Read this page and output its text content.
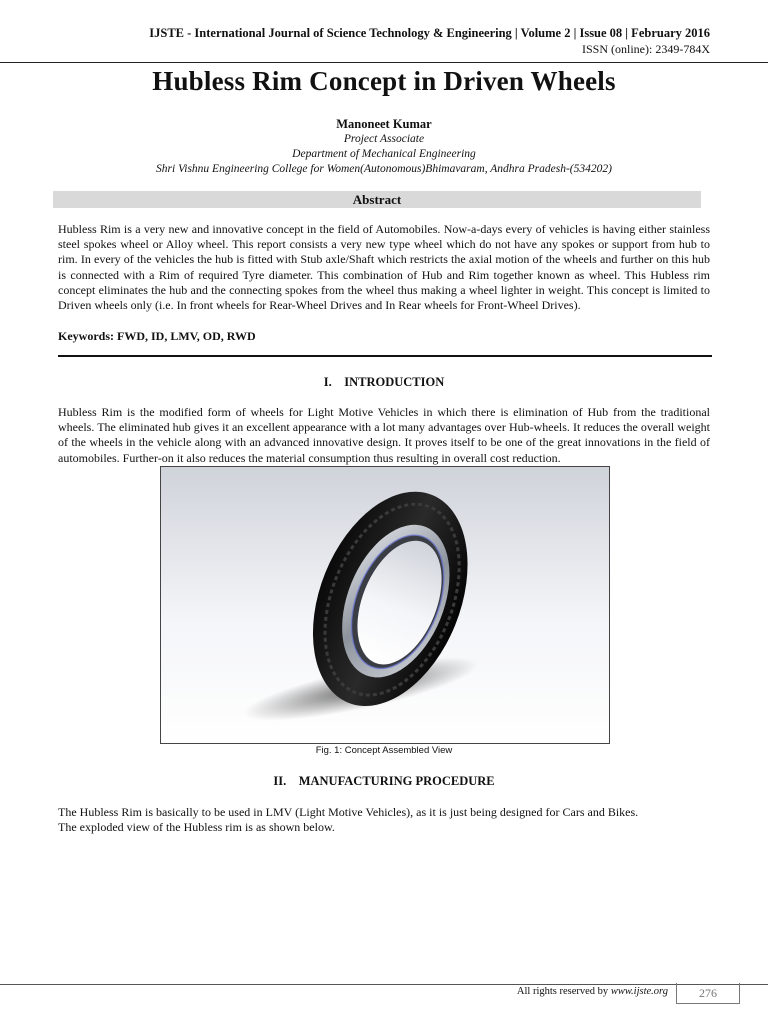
IJSTE - International Journal of Science Technology & Engineering | Volume 2 | Issue 08 | February 2016
ISSN (online): 2349-784X
Hubless Rim Concept in Driven Wheels
Manoneet Kumar
Project Associate
Department of Mechanical Engineering
Shri Vishnu Engineering College for Women(Autonomous)Bhimavaram, Andhra Pradesh-(534202)
Abstract
Hubless Rim is a very new and innovative concept in the field of Automobiles. Now-a-days every of vehicles is having either stainless steel spokes wheel or Alloy wheel. This report consists a very new type wheel which do not have any spokes or support from hub to rim. In every of the vehicles the hub is fitted with Stub axle/Shaft which restricts the axial motion of the wheels and further on this hub is connected with a Rim of required Tyre diameter. This combination of Hub and Rim together known as wheel. This Hubless rim concept eliminates the hub and the connecting spokes from the wheel thus making a wheel lighter in weight. This concept is limited to Driven wheels only (i.e. In front wheels for Rear-Wheel Drives and In Rear wheels for Front-Wheel Drives).
Keywords: FWD, ID, LMV, OD, RWD
I. INTRODUCTION
Hubless Rim is the modified form of wheels for Light Motive Vehicles in which there is elimination of Hub from the traditional wheels. The eliminated hub gives it an excellent appearance with a lot many advantages over Hub-wheels. It reduces the overall weight of the wheels in the vehicle along with an advanced innovative design. It proves itself to be one of the great innovations in the field of automobiles. Further-on it also reduces the material consumption thus resulting in overall cost reduction.
Fig. 1: Concept Assembled View
II. MANUFACTURING PROCEDURE
The Hubless Rim is basically to be used in LMV (Light Motive Vehicles), as it is just being designed for Cars and Bikes.
The exploded view of the Hubless rim is as shown below.
All rights reserved by www.ijste.org	276
